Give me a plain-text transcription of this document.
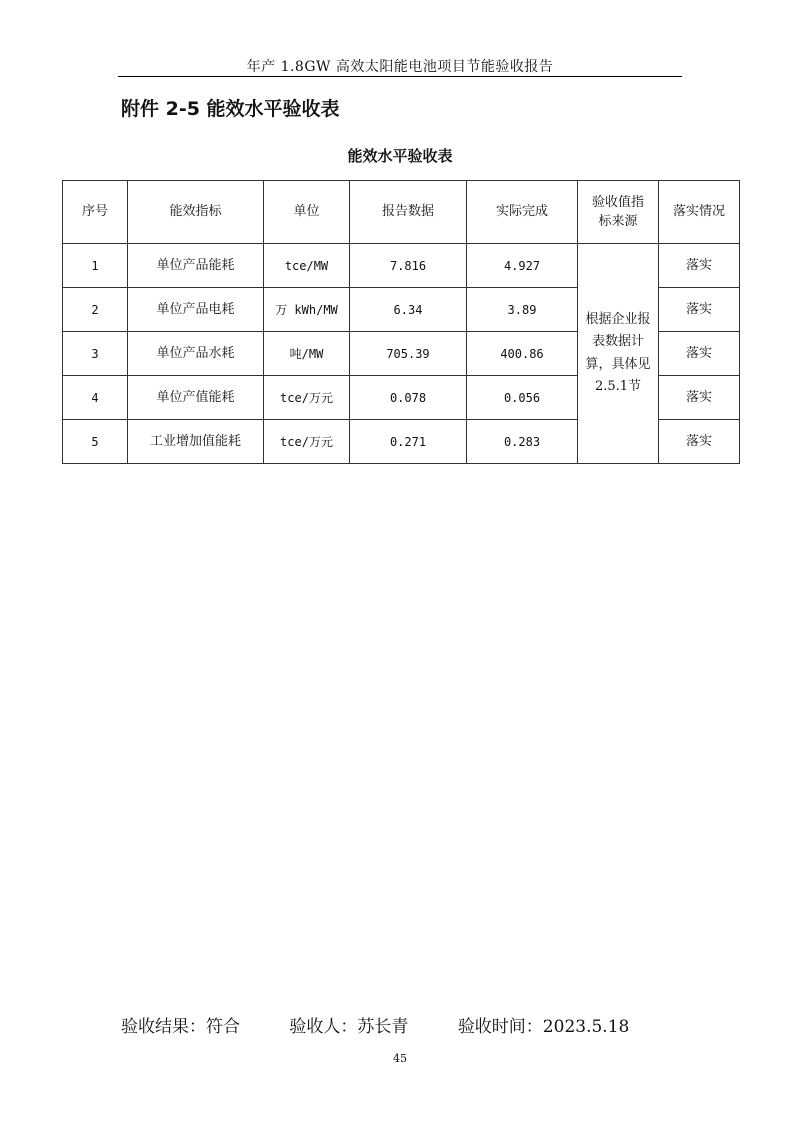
年产 1.8GW 高效太阳能电池项目节能验收报告
附件 2-5 能效水平验收表
能效水平验收表
序号	能效指标	单位	报告数据	实际完成	验收值指标来源	落实情况
1	单位产品能耗	tce/MW	7.816	4.927	根据企业报表数据计算，具体见2.5.1节	落实
2	单位产品电耗	万 kWh/MW	6.34	3.89		落实
3	单位产品水耗	吨/MW	705.39	400.86		落实
4	单位产值能耗	tce/万元	0.078	0.056		落实
5	工业增加值能耗	tce/万元	0.271	0.283		落实
验收结果：符合	验收人：苏长青	验收时间：2023.5.18
45
